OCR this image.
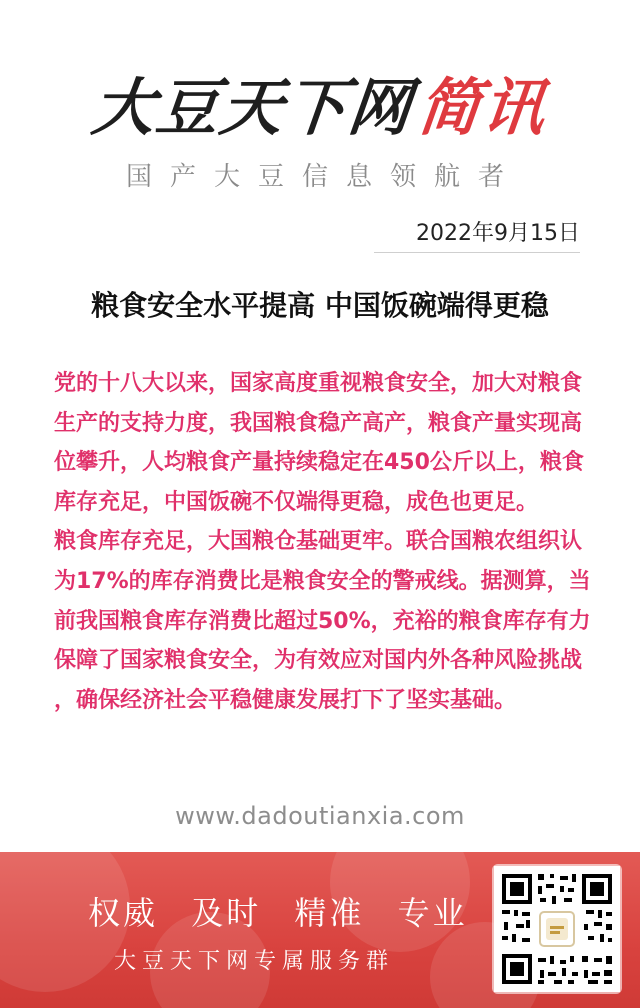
大豆天下网
简讯
国产大豆信息领航者
2022年9月15日
粮食安全水平提高 中国饭碗端得更稳

党的十八大以来，国家高度重视粮食安全，加大对粮食生产的支持力度，我国粮食稳产高产，粮食产量实现高位攀升，人均粮食产量持续稳定在450公斤以上，粮食库存充足，中国饭碗不仅端得更稳，成色也更足。

粮食库存充足，大国粮仓基础更牢。联合国粮农组织认为17%的库存消费比是粮食安全的警戒线。据测算，当前我国粮食库存消费比超过50%，充裕的粮食库存有力保障了国家粮食安全，为有效应对国内外各种风险挑战，确保经济社会平稳健康发展打下了坚实基础。

www.dadoutianxia.com
权威 及时 精准 专业
大豆天下网专属服务群
